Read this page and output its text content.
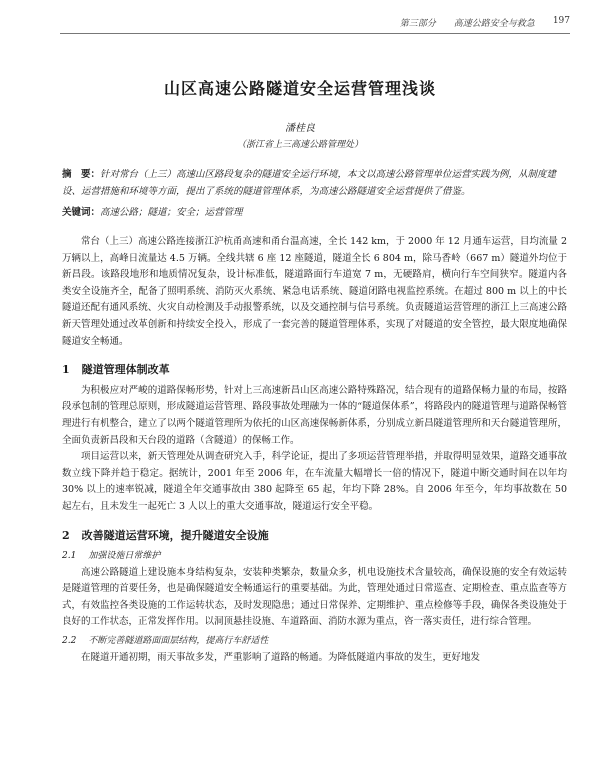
第三部分 高速公路安全与救急 197
山区高速公路隧道安全运营管理浅谈
潘桂良
（浙江省上三高速公路管理处）
摘　要：针对常台（上三）高速山区路段复杂的隧道安全运行环境，本文以高速公路管理单位运营实践为例，从制度建设、运营措施和环境等方面，提出了系统的隧道管理体系，为高速公路隧道安全运营提供了借鉴。
关键词：高速公路；隧道；安全；运营管理

常台（上三）高速公路连接浙江沪杭甬高速和甬台温高速，全长 142 km，于 2000 年 12 月通车运营，目均流量 2 万辆以上，高峰日流量达 4.5 万辆。全线共辖 6 座 12 座隧道，隧道全长 6 804 m，除马香岭（667 m）隧道外均位于新昌段。该路段地形和地质情况复杂，设计标准低，隧道路面行车道宽 7 m，无硬路肩，横向行车空间狭窄。隧道内各类安全设施齐全，配备了照明系统、消防灭火系统、紧急电话系统、隧道闭路电视监控系统。在超过 800 m 以上的中长隧道还配有通风系统、火灾自动检测及手动报警系统，以及交通控制与信号系统。负责隧道运营管理的浙江上三高速公路新天管理处通过改革创新和持续安全投入，形成了一套完善的隧道管理体系，实现了对隧道的安全管控，最大限度地确保隧道安全畅通。

1 隧道管理体制改革

为积极应对严峻的道路保畅形势，针对上三高速新昌山区高速公路特殊路况，结合现有的道路保畅力量的布局，按路段承包制的管理总原则，形成隧道运营管理、路段事故处理融为一体的“隧道保体系”，将路段内的隧道管理与道路保畅管理进行有机整合，建立了以两个隧道管理所为依托的山区高速保畅新体系，分别成立新昌隧道管理所和天台隧道管理所，全面负责新昌段和天台段的道路（含隧道）的保畅工作。

项目运营以来，新天管理处从调查研究入手，科学论证，提出了多项运营管理举措，并取得明显效果，道路交通事故数立线下降并趋于稳定。据统计，2001 年至 2006 年，在车流量大幅增长一倍的情况下，隧道中断交通时间在以年均 30% 以上的速率锐减，隧道全年交通事故由 380 起降至 65 起，年均下降 28%。自 2006 年至今，年均事故数在 50 起左右，且未发生一起死亡 3 人以上的重大交通事故，隧道运行安全平稳。

2 改善隧道运营环境，提升隧道安全设施
2.1 加强设施日常维护

高速公路隧道上建设施本身结构复杂，安装种类繁杂，数量众多，机电设施技术含量较高，确保设施的安全有效运转是隧道管理的首要任务，也是确保隧道安全畅通运行的重要基础。为此，管理处通过日常巡查、定期检查、重点监查等方式，有效监控各类设施的工作运转状态，及时发现隐患；通过日常保养、定期维护、重点检修等手段，确保各类设施处于良好的工作状态，正常发挥作用。以洞顶悬挂设施、车道路面、消防水源为重点，咨一落实责任，进行综合管理。

2.2 不断完善隧道路面面层结构，提高行车舒适性

在隧道开通初期，雨天事故多发，严重影响了道路的畅通。为降低隧道内事故的发生，更好地发
